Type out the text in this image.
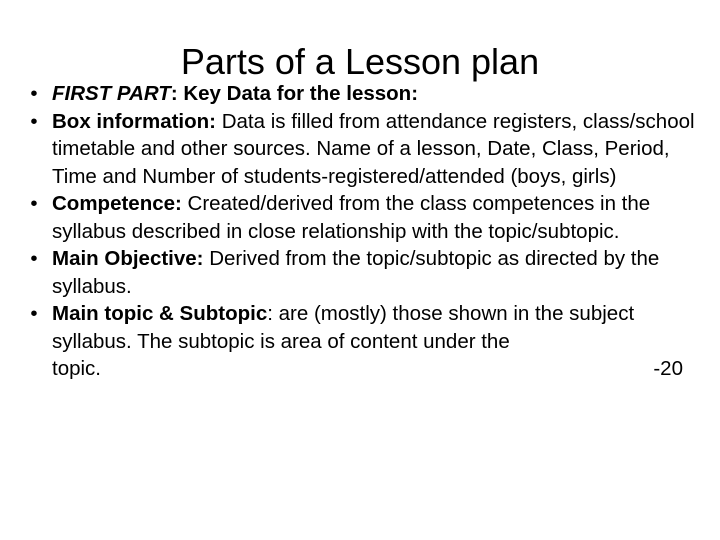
Parts of a Lesson plan
• FIRST PART: Key Data for the lesson:
• Box information: Data is filled from attendance registers, class/school timetable and other sources. Name of a lesson, Date, Class, Period, Time and Number of students-registered/attended (boys, girls)
• Competence: Created/derived from the class competences in the syllabus described in close relationship with the topic/subtopic.
• Main Objective: Derived from the topic/subtopic as directed by the syllabus.
• Main topic & Subtopic: are (mostly) those shown in the subject syllabus. The subtopic is area of content under the
topic.	-20
